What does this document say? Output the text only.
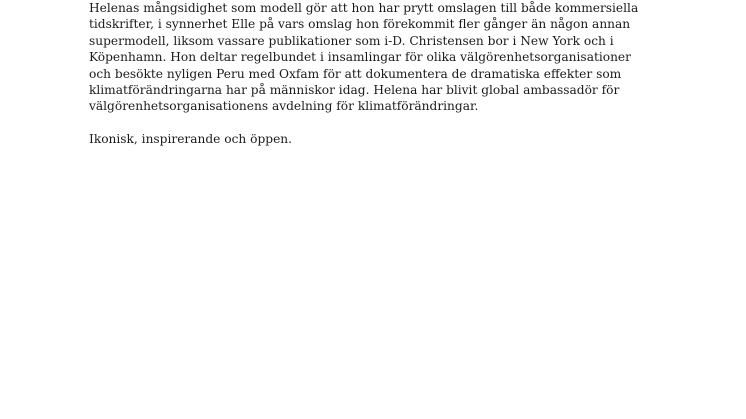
Helenas mångsidighet som modell gör att hon har prytt omslagen till både kommersiella
tidskrifter, i synnerhet Elle på vars omslag hon förekommit fler gånger än någon annan
supermodell, liksom vassare publikationer som i-D. Christensen bor i New York och i
Köpenhamn. Hon deltar regelbundet i insamlingar för olika välgörenhetsorganisationer
och besökte nyligen Peru med Oxfam för att dokumentera de dramatiska effekter som
klimatförändringarna har på människor idag. Helena har blivit global ambassadör för
välgörenhetsorganisationens avdelning för klimatförändringar.

Ikonisk, inspirerande och öppen.
